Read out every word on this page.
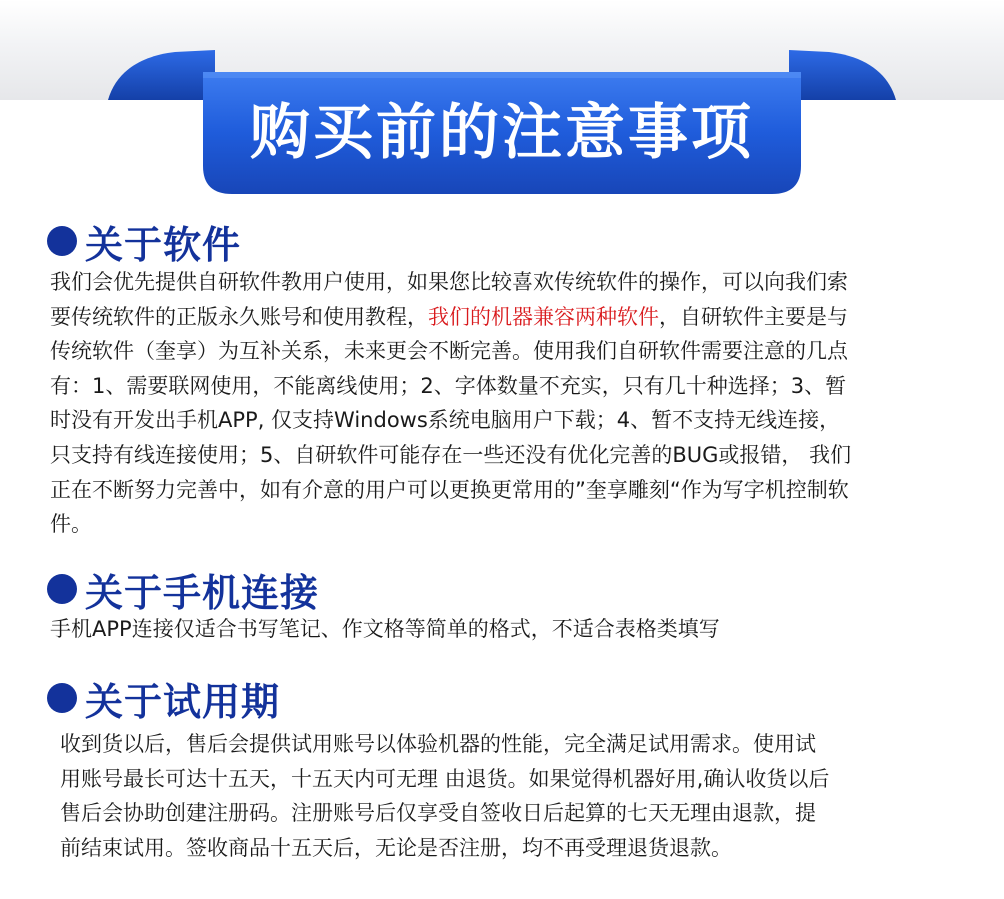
购买前的注意事项
关于软件
我们会优先提供自研软件教用户使用，如果您比较喜欢传统软件的操作，可以向我们索
要传统软件的正版永久账号和使用教程，我们的机器兼容两种软件，自研软件主要是与
传统软件（奎享）为互补关系，未来更会不断完善。使用我们自研软件需要注意的几点
有：1、需要联网使用，不能离线使用；2、字体数量不充实，只有几十种选择；3、暂
时没有开发出手机APP, 仅支持Windows系统电脑用户下载；4、暂不支持无线连接，
只支持有线连接使用；5、自研软件可能存在一些还没有优化完善的BUG或报错， 我们
正在不断努力完善中，如有介意的用户可以更换更常用的”奎享雕刻“作为写字机控制软
件。
关于手机连接
手机APP连接仅适合书写笔记、作文格等简单的格式，不适合表格类填写
关于试用期
收到货以后，售后会提供试用账号以体验机器的性能，完全满足试用需求。使用试
用账号最长可达十五天，十五天内可无理 由退货。如果觉得机器好用,确认收货以后
售后会协助创建注册码。注册账号后仅享受自签收日后起算的七天无理由退款，提
前结束试用。签收商品十五天后，无论是否注册，均不再受理退货退款。
